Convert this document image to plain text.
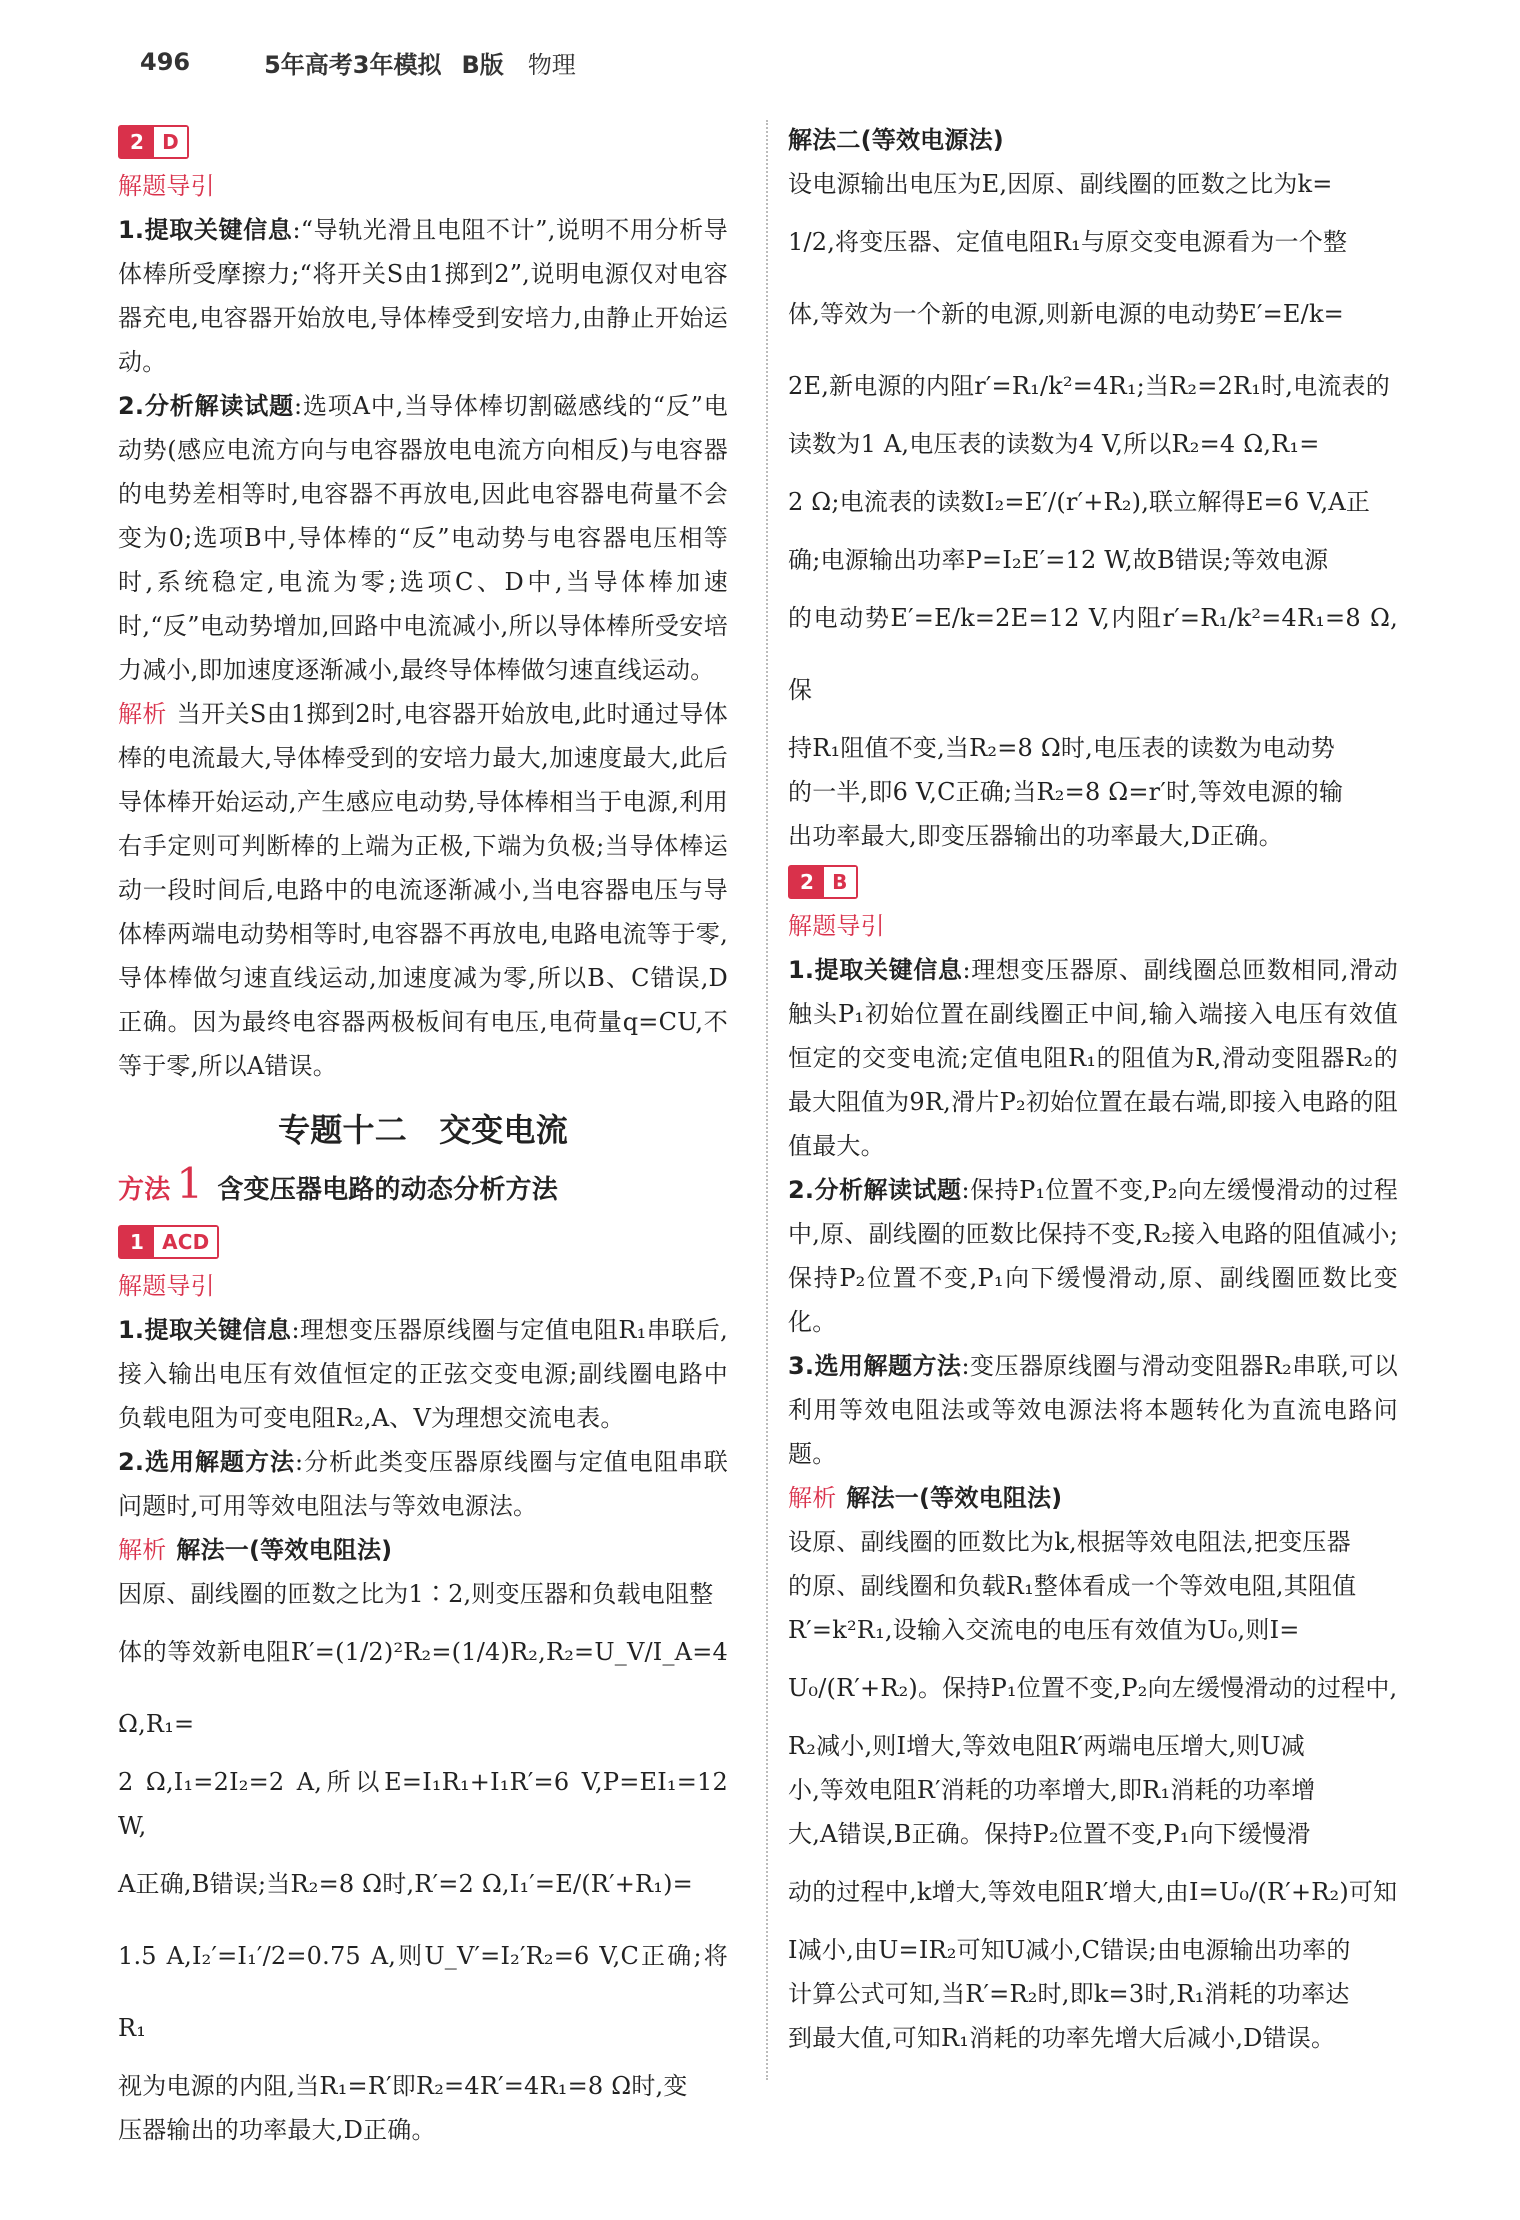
496	5年高考3年模拟 B版 物理
2 D
解题导引

1.提取关键信息:“导轨光滑且电阻不计”,说明不用分析导体棒所受摩擦力;“将开关S由1掷到2”,说明电源仅对电容器充电,电容器开始放电,导体棒受到安培力,由静止开始运动。

2.分析解读试题:选项A中,当导体棒切割磁感线的“反”电动势(感应电流方向与电容器放电电流方向相反)与电容器的电势差相等时,电容器不再放电,因此电容器电荷量不会变为0;选项B中,导体棒的“反”电动势与电容器电压相等时,系统稳定,电流为零;选项C、D中,当导体棒加速时,“反”电动势增加,回路中电流减小,所以导体棒所受安培力减小,即加速度逐渐减小,最终导体棒做匀速直线运动。

解析 当开关S由1掷到2时,电容器开始放电,此时通过导体棒的电流最大,导体棒受到的安培力最大,加速度最大,此后导体棒开始运动,产生感应电动势,导体棒相当于电源,利用右手定则可判断棒的上端为正极,下端为负极;当导体棒运动一段时间后,电路中的电流逐渐减小,当电容器电压与导体棒两端电动势相等时,电容器不再放电,电路电流等于零,导体棒做匀速直线运动,加速度减为零,所以B、C错误,D正确。因为最终电容器两极板间有电压,电荷量q=CU,不等于零,所以A错误。

专题十二　交变电流
方法 1 含变压器电路的动态分析方法
1 ACD
解题导引

1.提取关键信息:理想变压器原线圈与定值电阻R₁串联后,接入输出电压有效值恒定的正弦交变电源;副线圈电路中负载电阻为可变电阻R₂,A、V为理想交流电表。

2.选用解题方法:分析此类变压器原线圈与定值电阻串联问题时,可用等效电阻法与等效电源法。

解析 解法一(等效电阻法)

因原、副线圈的匝数之比为1∶2,则变压器和负载电阻整

体的等效新电阻R′=(1/2)²R₂=(1/4)R₂,R₂=U_V/I_A=4 Ω,R₁=

2 Ω,I₁=2I₂=2 A,所以E=I₁R₁+I₁R′=6 V,P=EI₁=12 W,

A正确,B错误;当R₂=8 Ω时,R′=2 Ω,I₁′=E/(R′+R₁)=

1.5 A,I₂′=I₁′/2=0.75 A,则U_V′=I₂′R₂=6 V,C正确;将R₁

视为电源的内阻,当R₁=R′即R₂=4R′=4R₁=8 Ω时,变

压器输出的功率最大,D正确。

解法二(等效电源法)

设电源输出电压为E,因原、副线圈的匝数之比为k=

1/2,将变压器、定值电阻R₁与原交变电源看为一个整

体,等效为一个新的电源,则新电源的电动势E′=E/k=

2E,新电源的内阻r′=R₁/k²=4R₁;当R₂=2R₁时,电流表的

读数为1 A,电压表的读数为4 V,所以R₂=4 Ω,R₁=

2 Ω;电流表的读数I₂=E′/(r′+R₂),联立解得E=6 V,A正

确;电源输出功率P=I₂E′=12 W,故B错误;等效电源

的电动势E′=E/k=2E=12 V,内阻r′=R₁/k²=4R₁=8 Ω,保

持R₁阻值不变,当R₂=8 Ω时,电压表的读数为电动势

的一半,即6 V,C正确;当R₂=8 Ω=r′时,等效电源的输

出功率最大,即变压器输出的功率最大,D正确。

2 B
解题导引

1.提取关键信息:理想变压器原、副线圈总匝数相同,滑动触头P₁初始位置在副线圈正中间,输入端接入电压有效值恒定的交变电流;定值电阻R₁的阻值为R,滑动变阻器R₂的最大阻值为9R,滑片P₂初始位置在最右端,即接入电路的阻值最大。

2.分析解读试题:保持P₁位置不变,P₂向左缓慢滑动的过程中,原、副线圈的匝数比保持不变,R₂接入电路的阻值减小;保持P₂位置不变,P₁向下缓慢滑动,原、副线圈匝数比变化。

3.选用解题方法:变压器原线圈与滑动变阻器R₂串联,可以利用等效电阻法或等效电源法将本题转化为直流电路问题。

解析 解法一(等效电阻法)

设原、副线圈的匝数比为k,根据等效电阻法,把变压器

的原、副线圈和负载R₁整体看成一个等效电阻,其阻值

R′=k²R₁,设输入交流电的电压有效值为U₀,则I=

U₀/(R′+R₂)。保持P₁位置不变,P₂向左缓慢滑动的过程中,

R₂减小,则I增大,等效电阻R′两端电压增大,则U减

小,等效电阻R′消耗的功率增大,即R₁消耗的功率增

大,A错误,B正确。保持P₂位置不变,P₁向下缓慢滑

动的过程中,k增大,等效电阻R′增大,由I=U₀/(R′+R₂)可知

I减小,由U=IR₂可知U减小,C错误;由电源输出功率的

计算公式可知,当R′=R₂时,即k=3时,R₁消耗的功率达

到最大值,可知R₁消耗的功率先增大后减小,D错误。
